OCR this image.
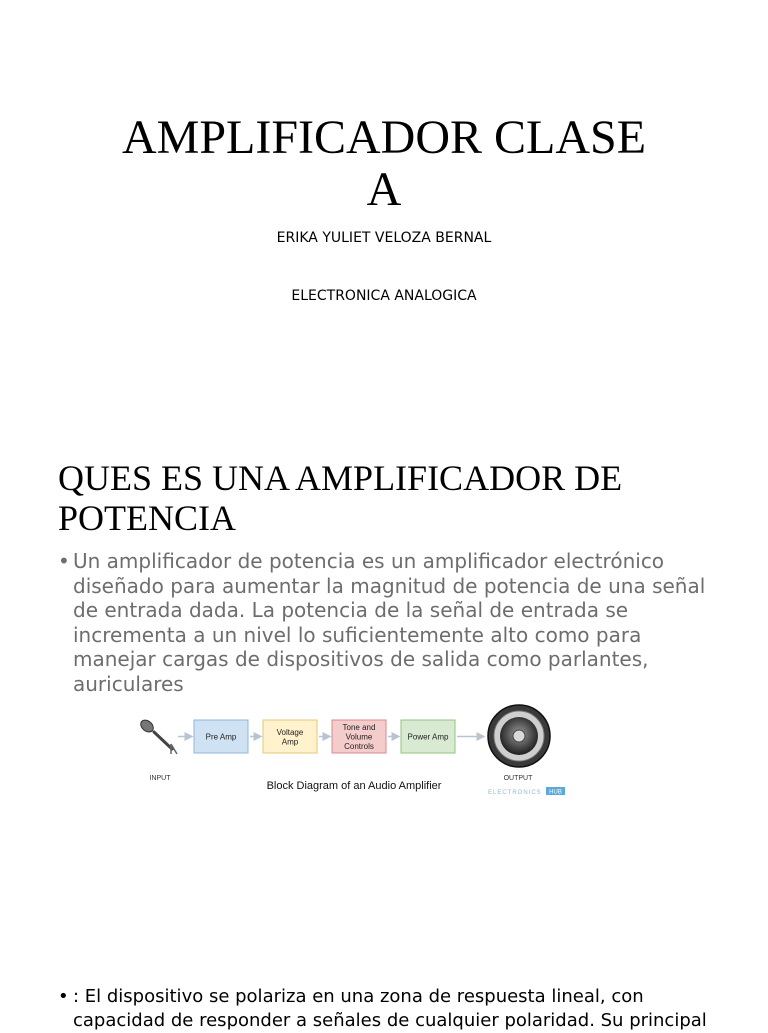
AMPLIFICADOR CLASE
A
ERIKA YULIET VELOZA BERNAL
ELECTRONICA ANALOGICA
QUES ES UNA AMPLIFICADOR DE
POTENCIA
• Un amplificador de potencia es un amplificador electrónico diseñado para aumentar la magnitud de potencia de una señal de entrada dada. La potencia de la señal de entrada se incrementa a un nivel lo suficientemente alto como para manejar cargas de dispositivos de salida como parlantes, auriculares
INPUT
Pre Amp
Voltage
Amp
Tone and
Volume
Controls
Power Amp
OUTPUT
Block Diagram of an Audio Amplifier
ELECTRONICS HUB
• : El dispositivo se polariza en una zona de respuesta lineal, con capacidad de responder a señales de cualquier polaridad. Su principal
